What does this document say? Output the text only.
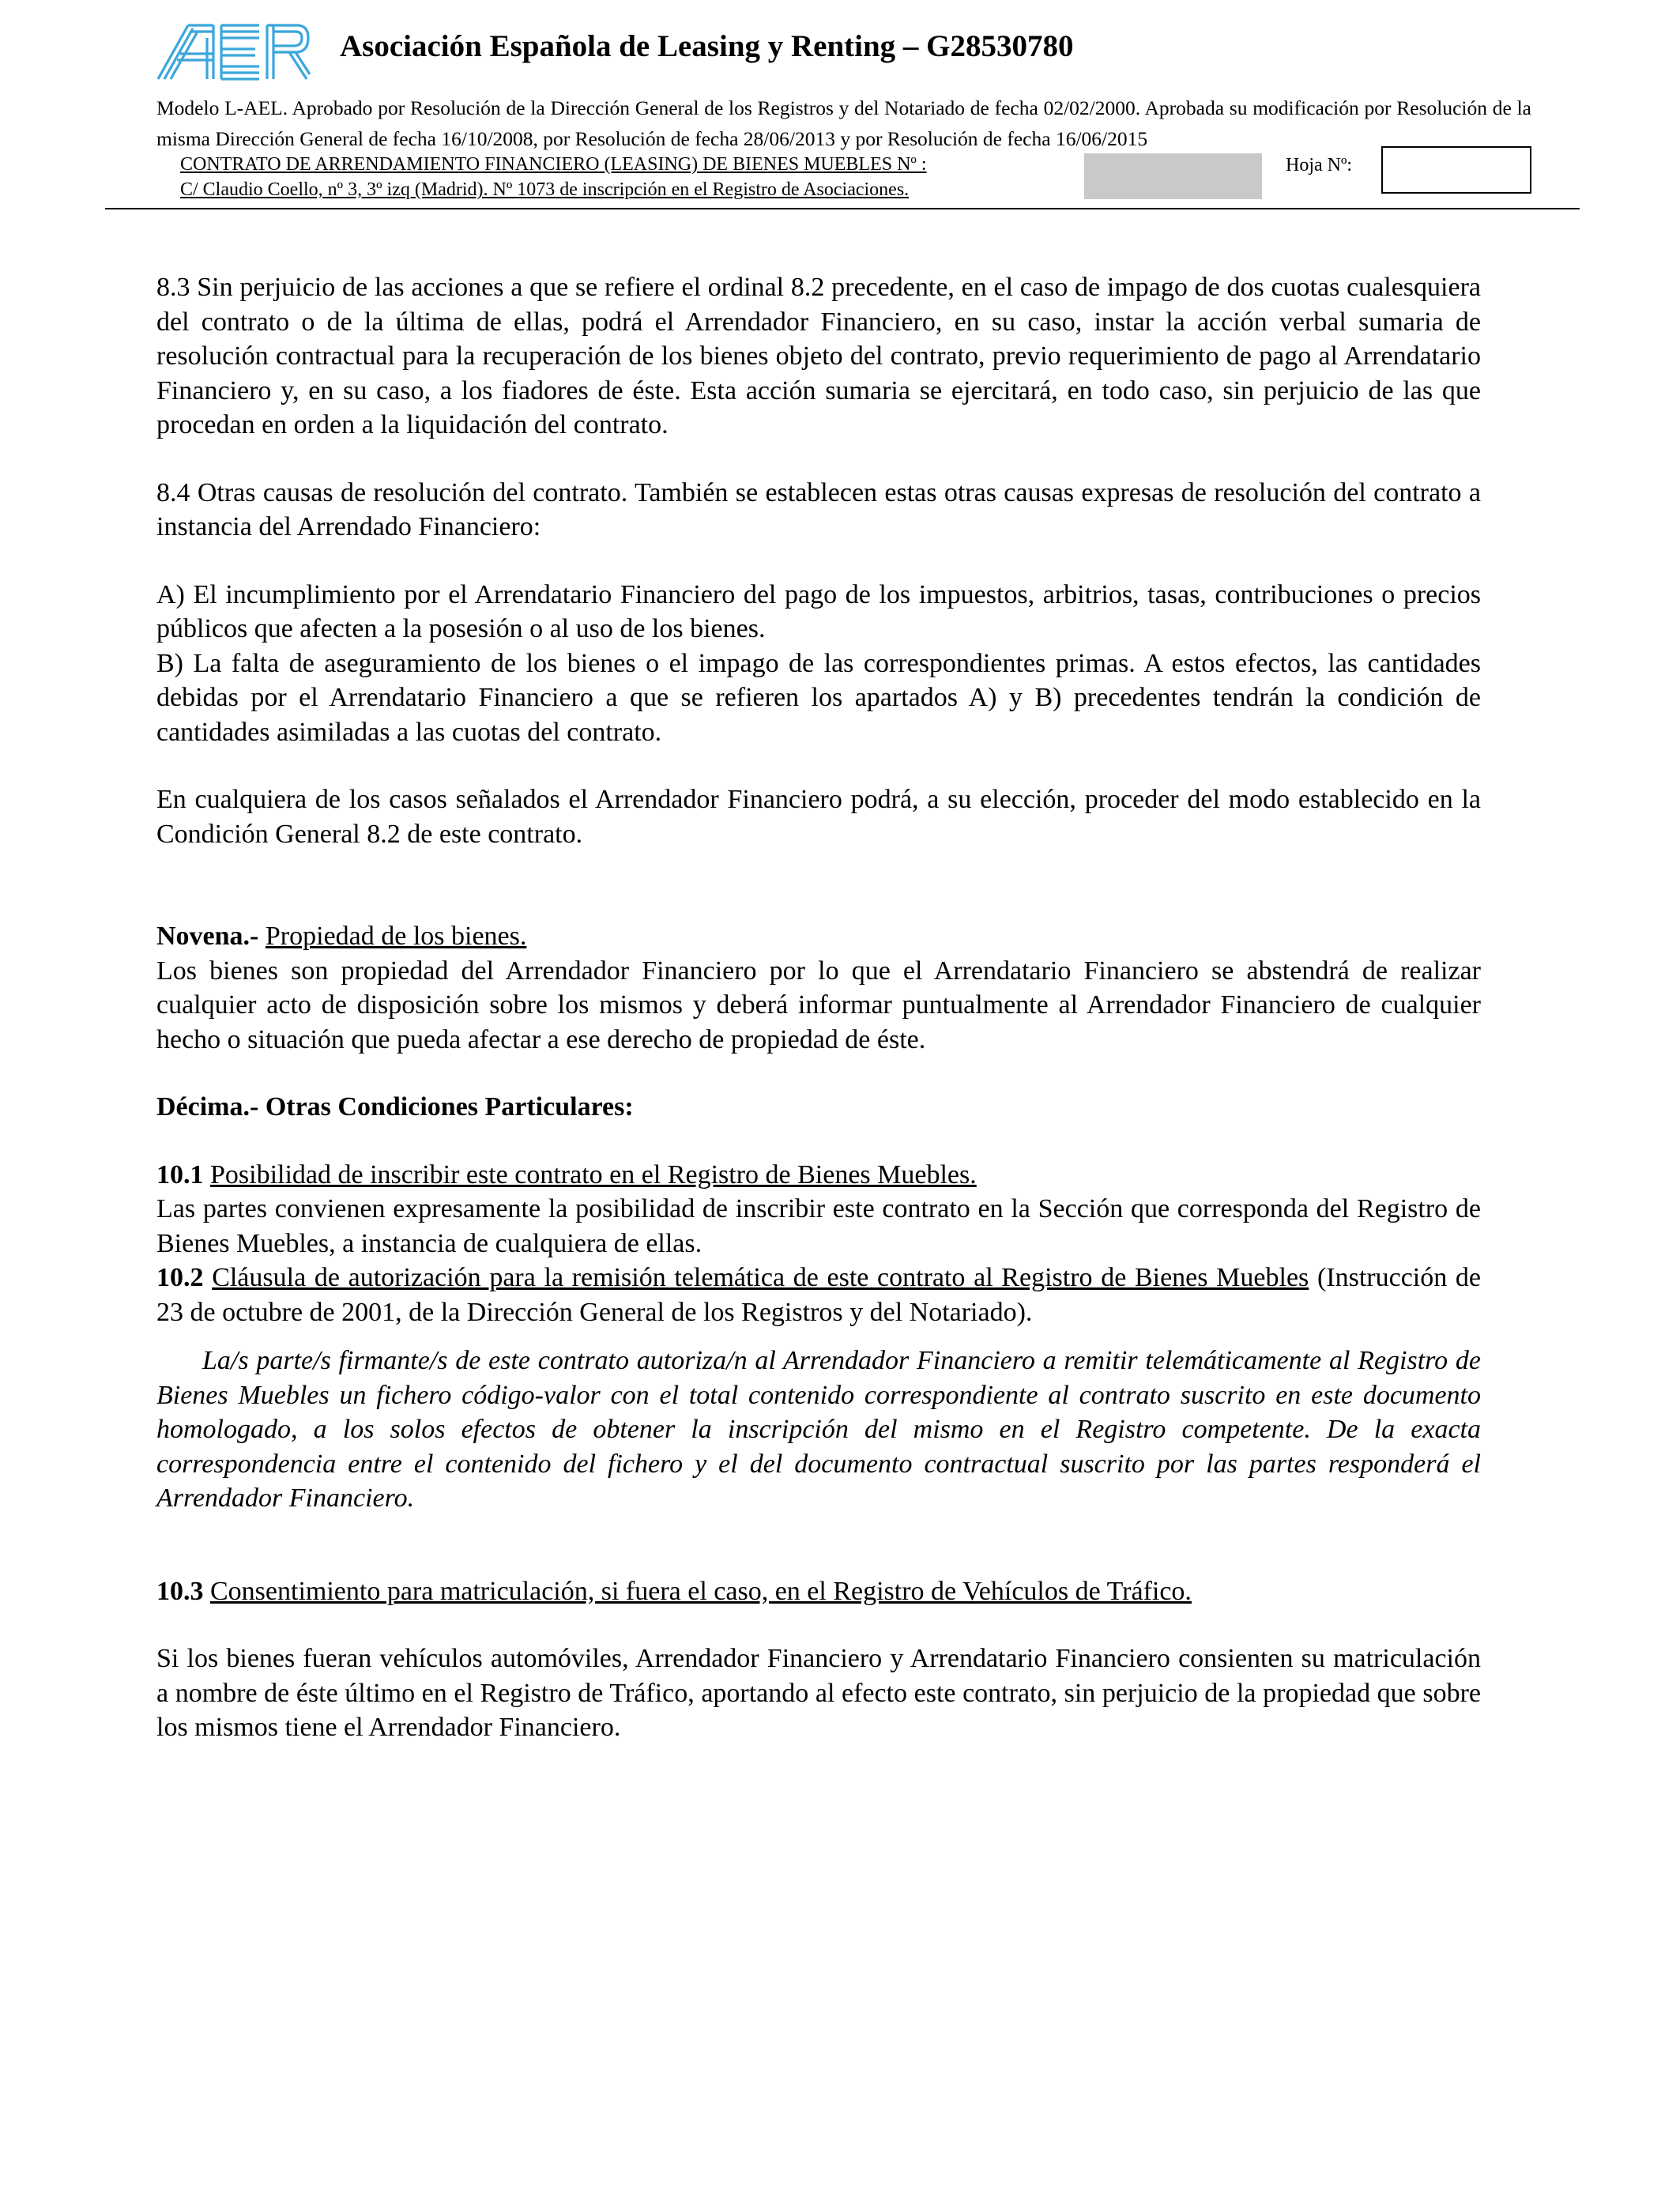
Asociación Española de Leasing y Renting – G28530780
Modelo L-AEL. Aprobado por Resolución de la Dirección General de los Registros y del Notariado de fecha 02/02/2000. Aprobada su modificación por Resolución de la misma Dirección General de fecha 16/10/2008, por Resolución de fecha 28/06/2013 y por Resolución de fecha 16/06/2015
CONTRATO DE ARRENDAMIENTO FINANCIERO (LEASING) DE BIENES MUEBLES Nº :	Hoja Nº:
C/ Claudio Coello, nº 3, 3º izq (Madrid). Nº 1073 de inscripción en el Registro de Asociaciones.

8.3 Sin perjuicio de las acciones a que se refiere el ordinal 8.2 precedente, en el caso de impago de dos cuotas cualesquiera del contrato o de la última de ellas, podrá el Arrendador Financiero, en su caso, instar la acción verbal sumaria de resolución contractual para la recuperación de los bienes objeto del contrato, previo requerimiento de pago al Arrendatario Financiero y, en su caso, a los fiadores de éste. Esta acción sumaria se ejercitará, en todo caso, sin perjuicio de las que procedan en orden a la liquidación del contrato.

8.4 Otras causas de resolución del contrato. También se establecen estas otras causas expresas de resolución del contrato a instancia del Arrendado Financiero:

A) El incumplimiento por el Arrendatario Financiero del pago de los impuestos, arbitrios, tasas, contribuciones o precios públicos que afecten a la posesión o al uso de los bienes.

B) La falta de aseguramiento de los bienes o el impago de las correspondientes primas. A estos efectos, las cantidades debidas por el Arrendatario Financiero a que se refieren los apartados A) y B) precedentes tendrán la condición de cantidades asimiladas a las cuotas del contrato.

En cualquiera de los casos señalados el Arrendador Financiero podrá, a su elección, proceder del modo establecido en la Condición General 8.2 de este contrato.

Novena.- Propiedad de los bienes.

Los bienes son propiedad del Arrendador Financiero por lo que el Arrendatario Financiero se abstendrá de realizar cualquier acto de disposición sobre los mismos y deberá informar puntualmente al Arrendador Financiero de cualquier hecho o situación que pueda afectar a ese derecho de propiedad de éste.

Décima.- Otras Condiciones Particulares:

10.1 Posibilidad de inscribir este contrato en el Registro de Bienes Muebles.

Las partes convienen expresamente la posibilidad de inscribir este contrato en la Sección que corresponda del Registro de Bienes Muebles, a instancia de cualquiera de ellas.

10.2 Cláusula de autorización para la remisión telemática de este contrato al Registro de Bienes Muebles (Instrucción de 23 de octubre de 2001, de la Dirección General de los Registros y del Notariado).

La/s parte/s firmante/s de este contrato autoriza/n al Arrendador Financiero a remitir telemáticamente al Registro de Bienes Muebles un fichero código-valor con el total contenido correspondiente al contrato suscrito en este documento homologado, a los solos efectos de obtener la inscripción del mismo en el Registro competente. De la exacta correspondencia entre el contenido del fichero y el del documento contractual suscrito por las partes responderá el Arrendador Financiero.

10.3 Consentimiento para matriculación, si fuera el caso, en el Registro de Vehículos de Tráfico.

Si los bienes fueran vehículos automóviles, Arrendador Financiero y Arrendatario Financiero consienten su matriculación a nombre de éste último en el Registro de Tráfico, aportando al efecto este contrato, sin perjuicio de la propiedad que sobre los mismos tiene el Arrendador Financiero.
